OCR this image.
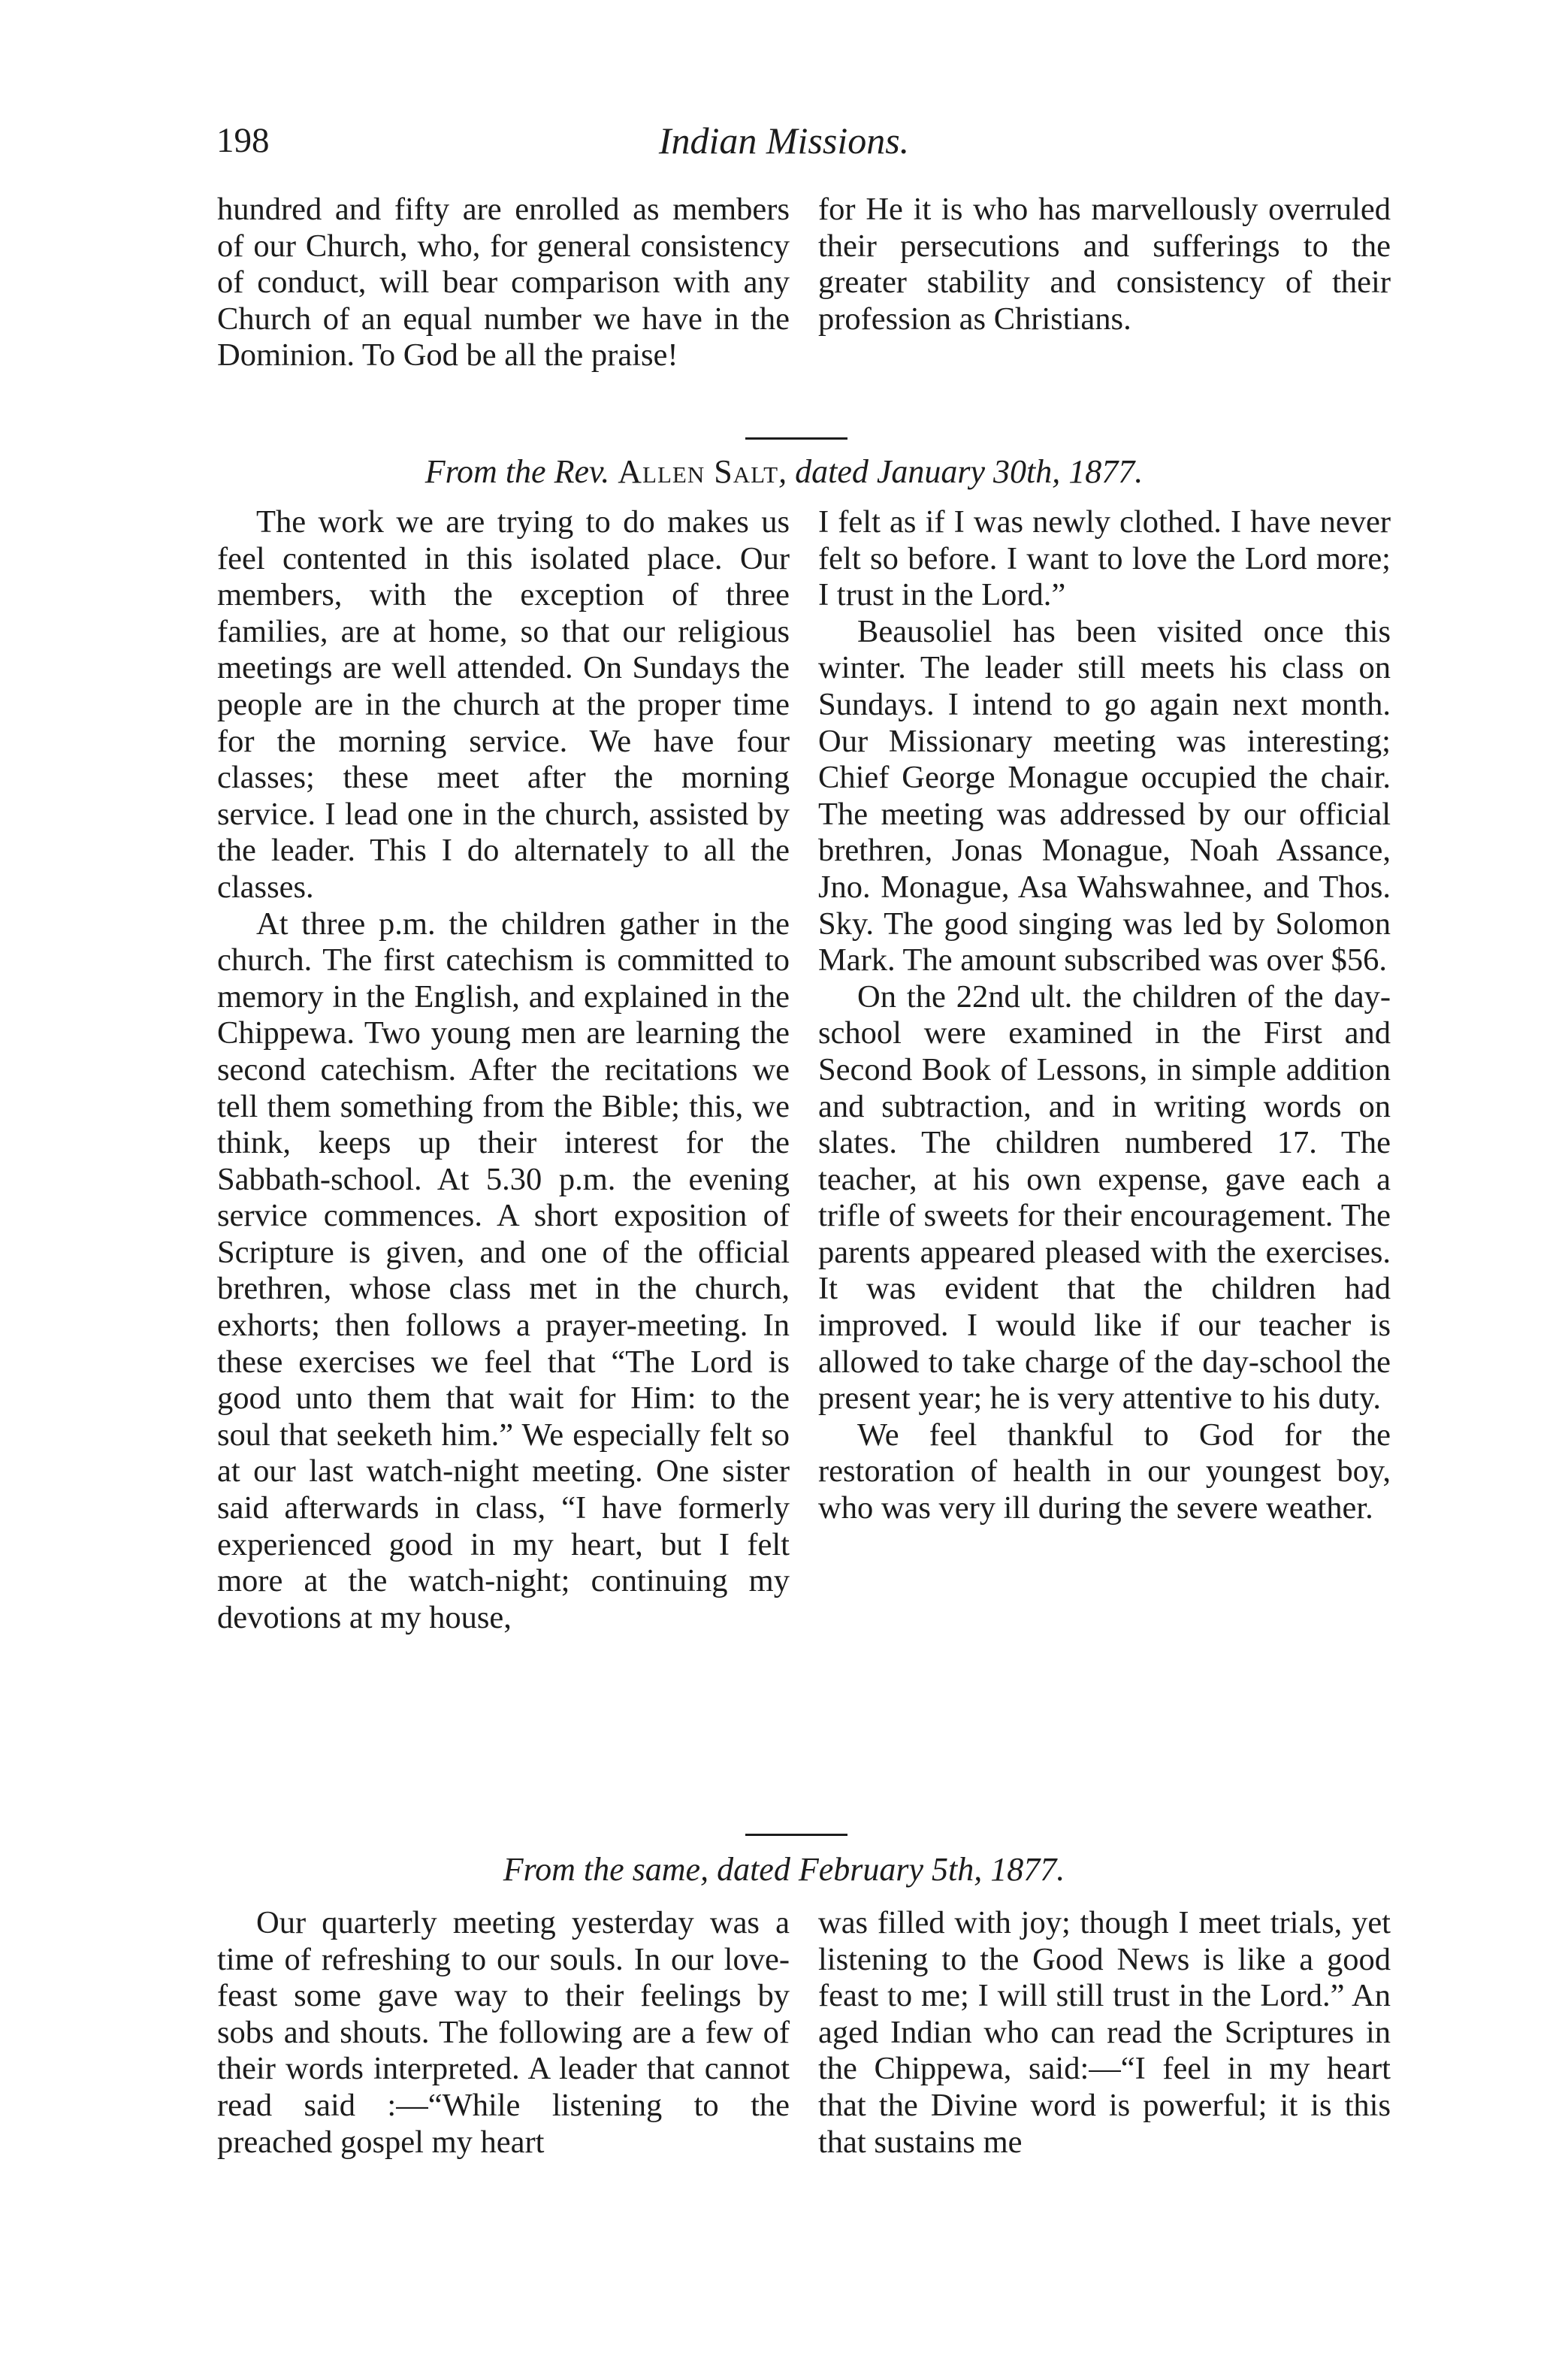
Indian Missions.
198

hundred and fifty are enrolled as members of our Church, who, for general consistency of conduct, will bear comparison with any Church of an equal number we have in the Dominion. To God be all the praise!

for He it is who has marvellously overruled their persecutions and sufferings to the greater stability and consistency of their profession as Christians.

From the Rev. Allen Salt, dated January 30th, 1877.

The work we are trying to do makes us feel contented in this isolated place. Our members, with the exception of three families, are at home, so that our religious meetings are well attended. On Sundays the people are in the church at the proper time for the morning service. We have four classes; these meet after the morning service. I lead one in the church, assisted by the leader. This I do alternately to all the classes.

At three p.m. the children gather in the church. The first catechism is committed to memory in the English, and explained in the Chippewa. Two young men are learning the second catechism. After the recitations we tell them something from the Bible; this, we think, keeps up their interest for the Sabbath-school. At 5.30 p.m. the evening service commences. A short exposition of Scripture is given, and one of the official brethren, whose class met in the church, exhorts; then follows a prayer-meeting. In these exercises we feel that “The Lord is good unto them that wait for Him: to the soul that seeketh him.” We especially felt so at our last watch-night meeting. One sister said afterwards in class, “I have formerly experienced good in my heart, but I felt more at the watch-night; continuing my devotions at my house,

I felt as if I was newly clothed. I have never felt so before. I want to love the Lord more; I trust in the Lord.”

Beausoliel has been visited once this winter. The leader still meets his class on Sundays. I intend to go again next month. Our Missionary meeting was interesting; Chief George Monague occupied the chair. The meeting was addressed by our official brethren, Jonas Monague, Noah Assance, Jno. Monague, Asa Wahswahnee, and Thos. Sky. The good singing was led by Solomon Mark. The amount subscribed was over $56.

On the 22nd ult. the children of the day-school were examined in the First and Second Book of Lessons, in simple addition and subtraction, and in writing words on slates. The children numbered 17. The teacher, at his own expense, gave each a trifle of sweets for their encouragement. The parents appeared pleased with the exercises. It was evident that the children had improved. I would like if our teacher is allowed to take charge of the day-school the present year; he is very attentive to his duty.

We feel thankful to God for the restoration of health in our youngest boy, who was very ill during the severe weather.

From the same, dated February 5th, 1877.

Our quarterly meeting yesterday was a time of refreshing to our souls. In our love-feast some gave way to their feelings by sobs and shouts. The following are a few of their words interpreted. A leader that cannot read said :—“While listening to the preached gospel my heart

was filled with joy; though I meet trials, yet listening to the Good News is like a good feast to me; I will still trust in the Lord.” An aged Indian who can read the Scriptures in the Chippewa, said:—“I feel in my heart that the Divine word is powerful; it is this that sustains me
